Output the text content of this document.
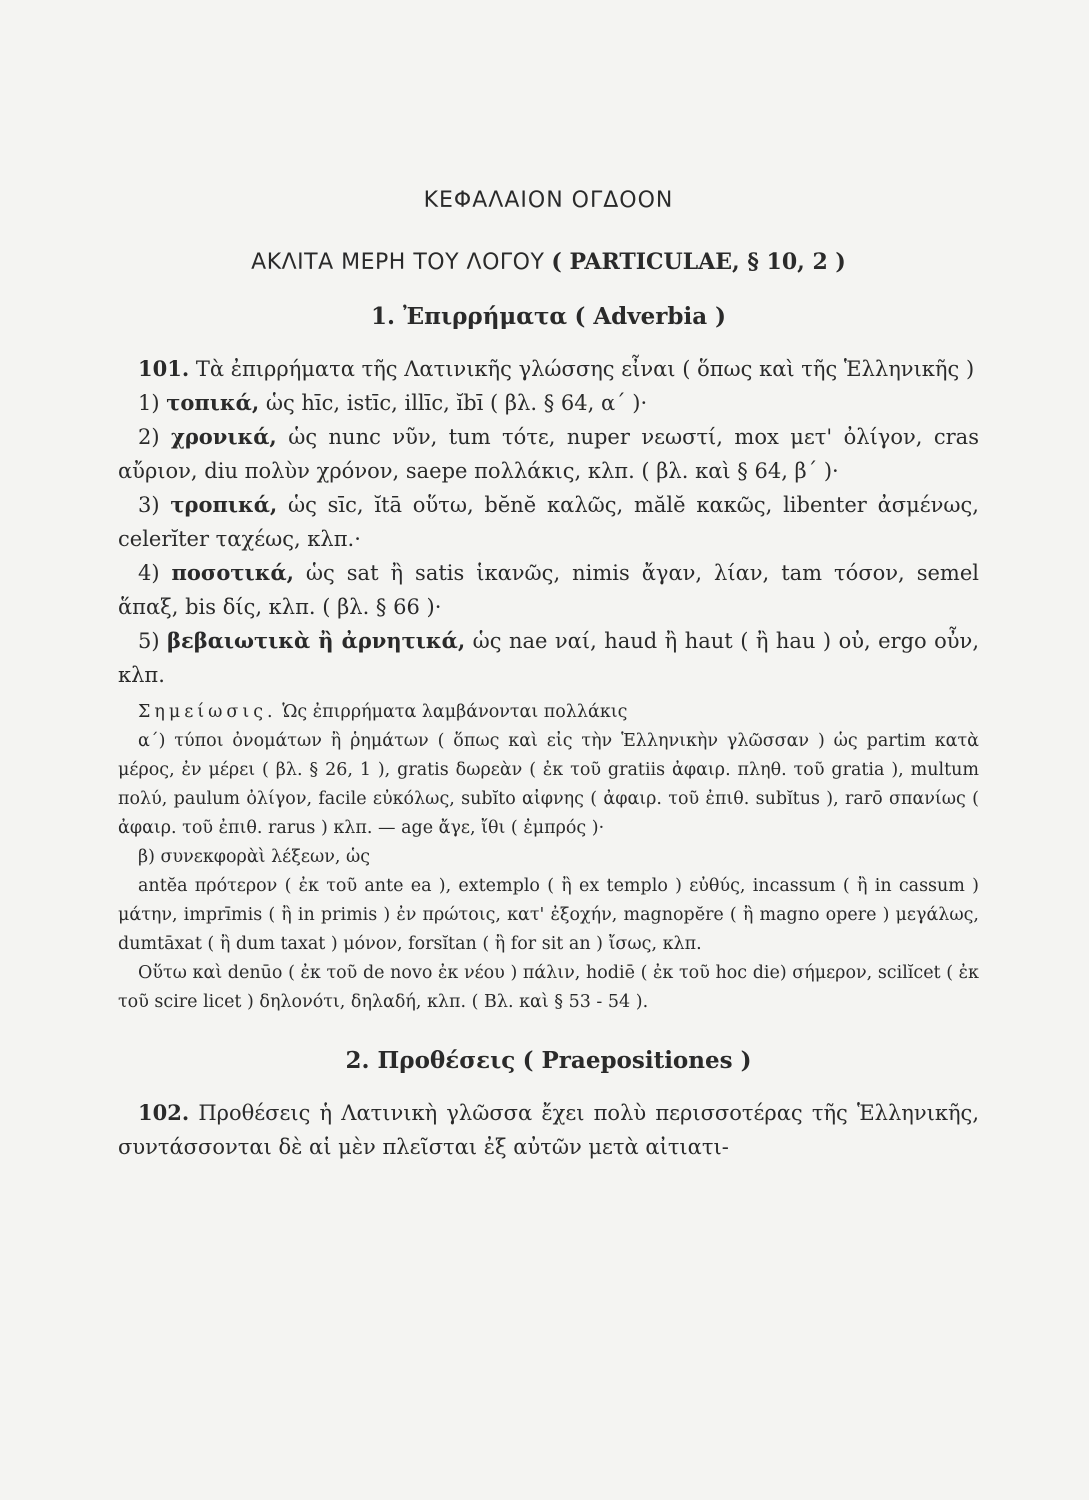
ΚΕΦΑΛΑΙΟΝ ΟΓΔΟΟΝ
ΑΚΛΙΤΑ ΜΕΡΗ ΤΟΥ ΛΟΓΟΥ ( PARTICULAE, § 10, 2 )
1. Ἐπιρρήματα ( Adverbia )

101. Τὰ ἐπιρρήματα τῆς Λατινικῆς γλώσσης εἶναι ( ὅπως καὶ τῆς Ἑλληνικῆς )

1) τοπικά, ὡς hīc, istīc, illīc, ĭbī ( βλ. § 64, α΄ )·

2) χρονικά, ὡς nunc νῦν, tum τότε, nuper νεωστί, mox μετ' ὀλίγον, cras αὔριον, diu πολὺν χρόνον, saepe πολλάκις, κλπ. ( βλ. καὶ § 64, β΄ )·

3) τροπικά, ὡς sīc, ĭtā οὕτω, bĕnĕ καλῶς, mălĕ κακῶς, libenter ἀσμένως, celerĭter ταχέως, κλπ.·

4) ποσοτικά, ὡς sat ἢ satis ἱκανῶς, nimis ἄγαν, λίαν, tam τόσον, semel ἅπαξ, bis δίς, κλπ. ( βλ. § 66 )·

5) βεβαιωτικὰ ἢ ἀρνητικά, ὡς nae ναί, haud ἢ haut ( ἢ hau ) οὐ, ergo οὖν, κλπ.

Σημείωσις. Ὡς ἐπιρρήματα λαμβάνονται πολλάκις

α΄) τύποι ὀνομάτων ἢ ῥημάτων ( ὅπως καὶ εἰς τὴν Ἑλληνικὴν γλῶσσαν ) ὡς partim κατὰ μέρος, ἐν μέρει ( βλ. § 26, 1 ), gratis δωρεὰν ( ἐκ τοῦ gratiis ἀφαιρ. πληθ. τοῦ gratia ), multum πολύ, paulum ὀλίγον, facile εὐκόλως, subĭto αἰφνης ( ἀφαιρ. τοῦ ἐπιθ. subĭtus ), rarō σπανίως ( ἀφαιρ. τοῦ ἐπιθ. rarus ) κλπ. — age ἄγε, ἴθι ( ἐμπρός )·

β) συνεκφορὰὶ λέξεων, ὡς

antĕa πρότερον ( ἐκ τοῦ ante ea ), extemplo ( ἢ ex templo ) εὐθύς, incassum ( ἢ in cassum ) μάτην, imprīmis ( ἢ in primis ) ἐν πρώτοις, κατ' ἐξοχήν, magnopĕre ( ἢ magno opere ) μεγάλως, dumtāxat ( ἢ dum taxat ) μόνον, forsĭtan ( ἢ for sit an ) ἴσως, κλπ.

Οὕτω καὶ denūo ( ἐκ τοῦ de novo ἐκ νέου ) πάλιν, hodiē ( ἐκ τοῦ hoc die) σήμερον, scilĭcet ( ἐκ τοῦ scire licet ) δηλονότι, δηλαδή, κλπ. ( Βλ. καὶ § 53 - 54 ).

2. Προθέσεις ( Praepositiones )

102. Προθέσεις ἡ Λατινικὴ γλῶσσα ἔχει πολὺ περισσοτέρας τῆς Ἑλληνικῆς, συντάσσονται δὲ αἱ μὲν πλεῖσται ἐξ αὐτῶν μετὰ αἰτιατι-
